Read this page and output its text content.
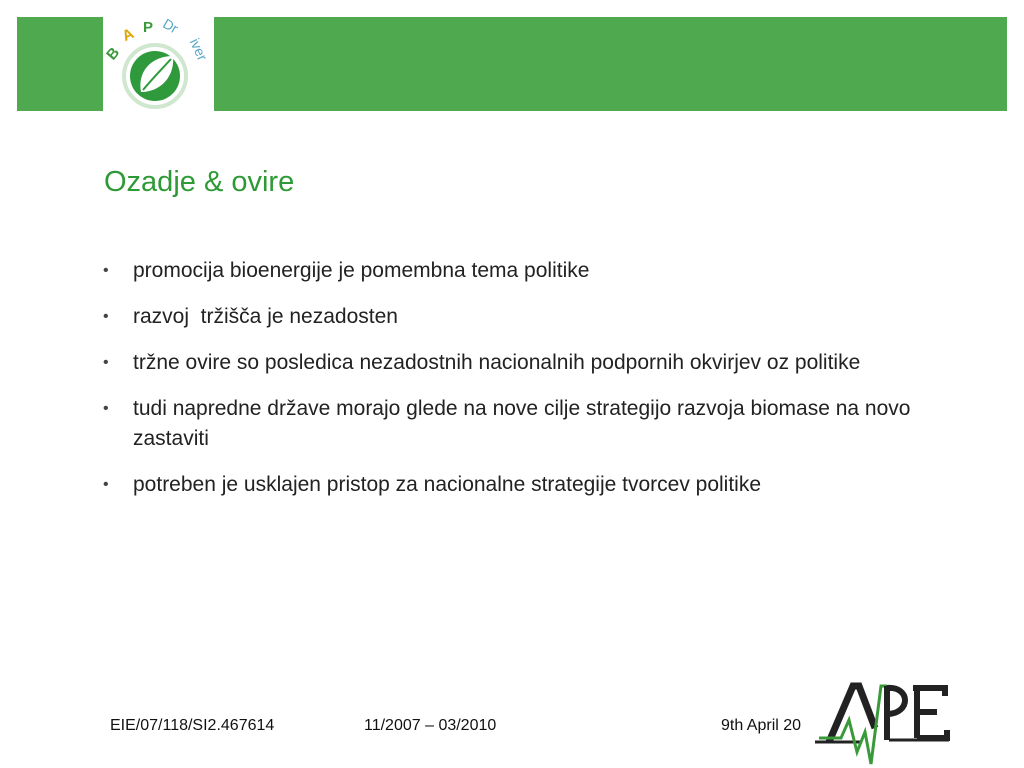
B
A P Dr
iver
Ozadje & ovire
• promocija bioenergije je pomembna tema politike
• razvoj  tržišča je nezadosten
• tržne ovire so posledica nezadostnih nacionalnih podpornih okvirjev oz politike
• tudi napredne države morajo glede na nove cilje strategijo razvoja biomase na novo zastaviti
• potreben je usklajen pristop za nacionalne strategije tvorcev politike
EIE/07/118/SI2.467614	11/2007 – 03/2010	9th April 20
